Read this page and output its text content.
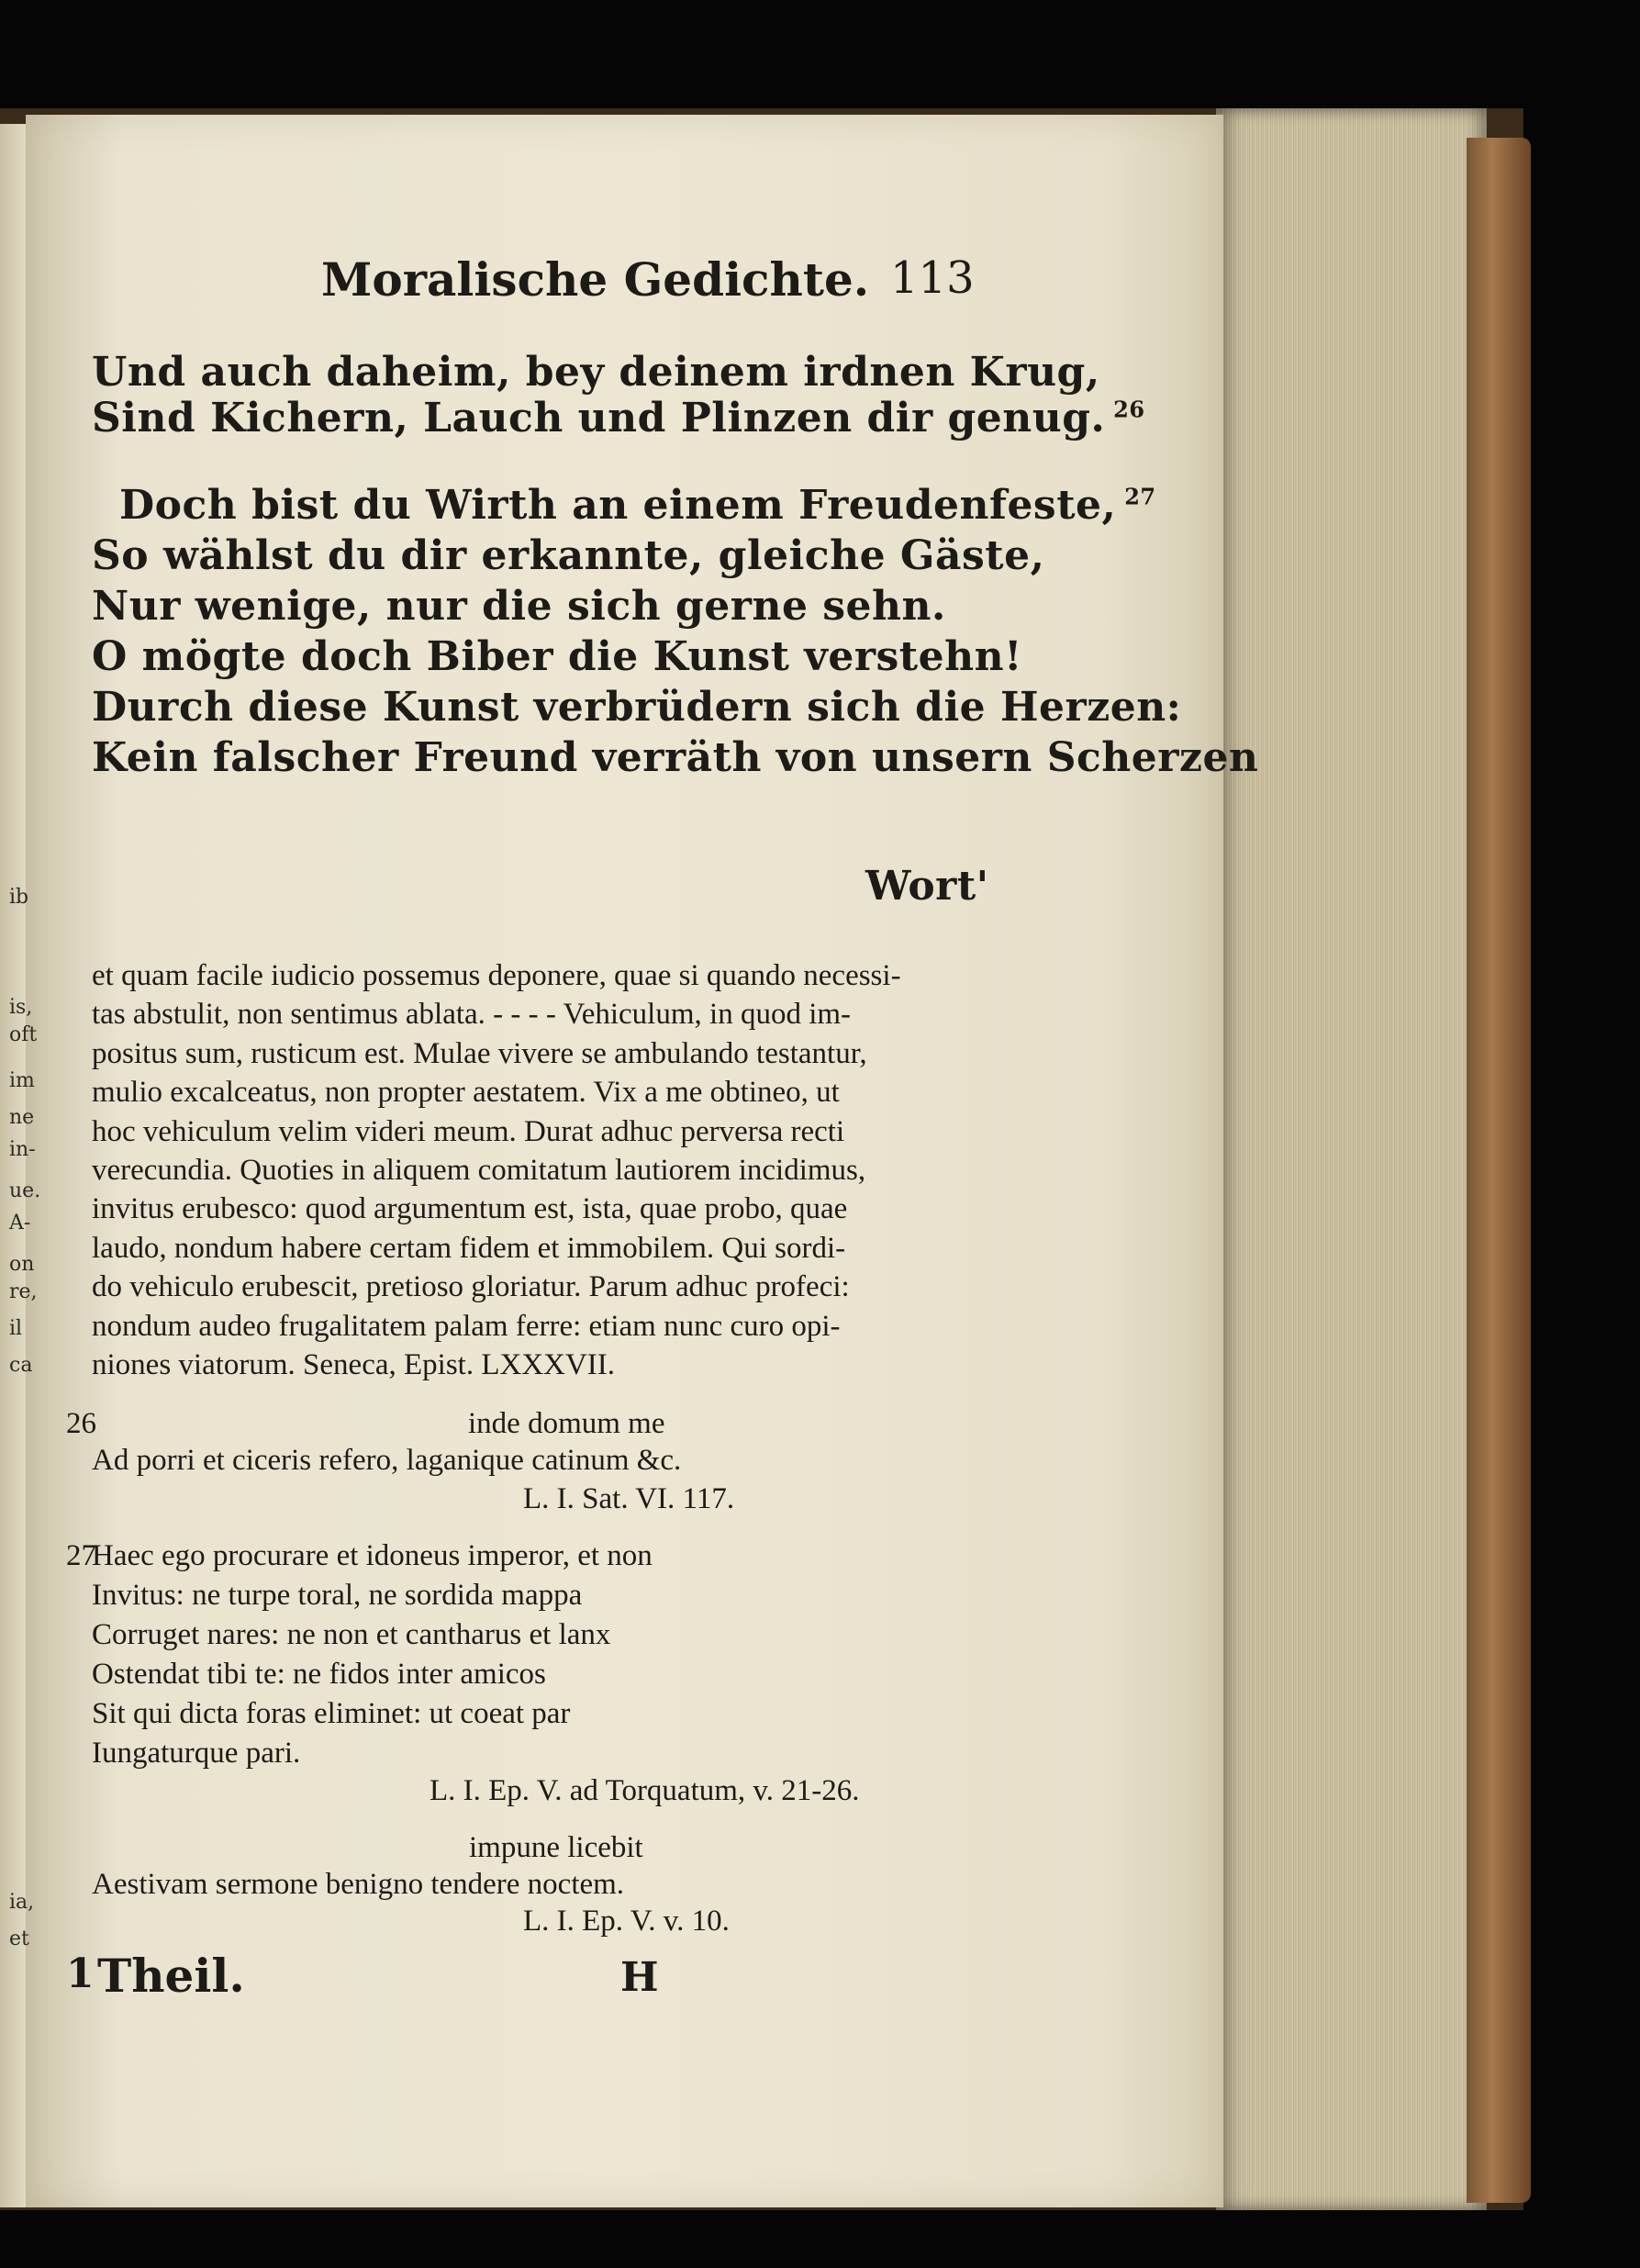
ib
is,
oft
im
ne
in-
ue.
A-
on
re,
il
ca
ia,
et
Moralische Gedichte. 113
Und auch daheim, bey deinem irdnen Krug,
Sind Kichern, Lauch und Plinzen dir genug. $^{26}$
Doch bist du Wirth an einem Freudenfeste, $^{27}$
So wählst du dir erkannte, gleiche Gäste,
Nur wenige, nur die sich gerne sehn.
O mögte doch Biber die Kunst verstehn!
Durch diese Kunst verbrüdern sich die Herzen:
Kein falscher Freund verräth von unsern Scherzen
Wort'
et quam facile iudicio possemus deponere, quae si quando necessi-
tas abstulit, non sentimus ablata. - - - - Vehiculum, in quod im-
positus sum, rusticum est. Mulae vivere se ambulando testantur,
mulio excalceatus, non propter aestatem. Vix a me obtineo, ut
hoc vehiculum velim videri meum. Durat adhuc perversa recti
verecundia. Quoties in aliquem comitatum lautiorem incidimus,
invitus erubesco: quod argumentum est, ista, quae probo, quae
laudo, nondum habere certam fidem et immobilem. Qui sordi-
do vehiculo erubescit, pretioso gloriatur. Parum adhuc profeci:
nondum audeo frugalitatem palam ferre: etiam nunc curo opi-
niones viatorum. Seneca, Epist. LXXXVII.
26	inde domum me
Ad porri et ciceris refero, laganique catinum &c.
L. I. Sat. VI. 117.
27
Haec ego procurare et idoneus imperor, et non
Invitus: ne turpe toral, ne sordida mappa
Corruget nares: ne non et cantharus et lanx
Ostendat tibi te: ne fidos inter amicos
Sit qui dicta foras eliminet: ut coeat par
Iungaturque pari.
L. I. Ep. V. ad Torquatum, v. 21-26.
impune licebit
Aestivam sermone benigno tendere noctem.
L. I. Ep. V. v. 10.
1 Theil.	H
